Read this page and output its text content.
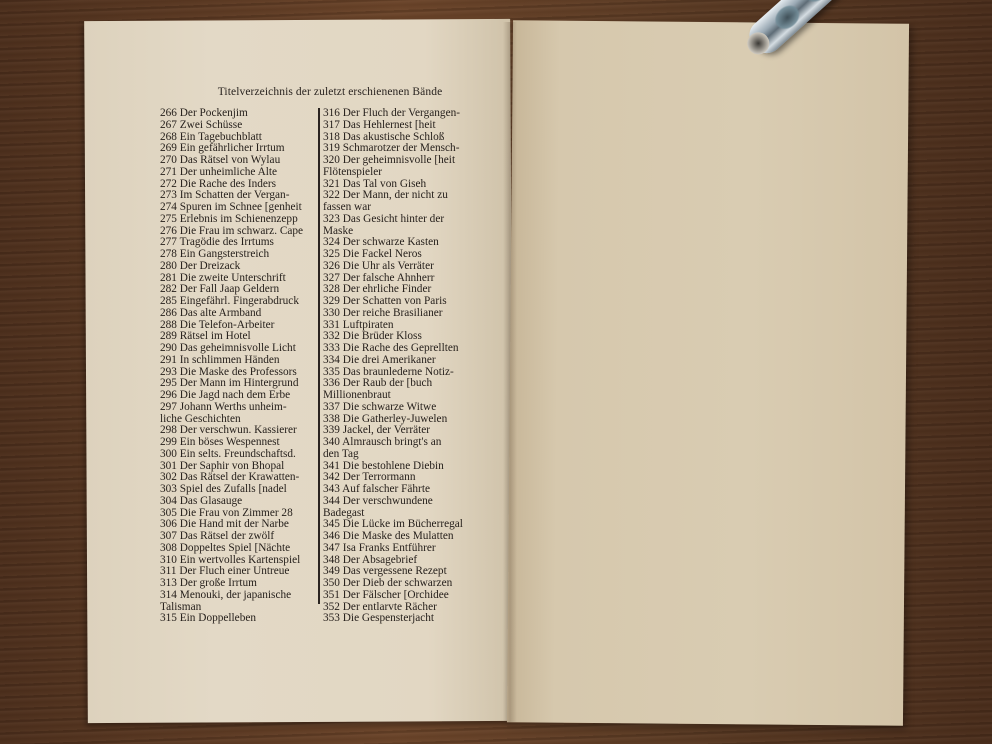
Titelverzeichnis der zuletzt erschienenen Bände
266 Der Pockenjim
267 Zwei Schüsse
268 Ein Tagebuchblatt
269 Ein gefährlicher Irrtum
270 Das Rätsel von Wylau
271 Der unheimliche Alte
272 Die Rache des Inders
273 Im Schatten der Vergan-
274 Spuren im Schnee [genheit
275 Erlebnis im Schienenzepp
276 Die Frau im schwarz. Cape
277 Tragödie des Irrtums
278 Ein Gangsterstreich
280 Der Dreizack
281 Die zweite Unterschrift
282 Der Fall Jaap Geldern
285 Eingefährl. Fingerabdruck
286 Das alte Armband
288 Die Telefon-Arbeiter
289 Rätsel im Hotel
290 Das geheimnisvolle Licht
291 In schlimmen Händen
293 Die Maske des Professors
295 Der Mann im Hintergrund
296 Die Jagd nach dem Erbe
297 Johann Werths unheim-
liche Geschichten
298 Der verschwun. Kassierer
299 Ein böses Wespennest
300 Ein selts. Freundschaftsd.
301 Der Saphir von Bhopal
302 Das Rätsel der Krawatten-
303 Spiel des Zufalls [nadel
304 Das Glasauge
305 Die Frau von Zimmer 28
306 Die Hand mit der Narbe
307 Das Rätsel der zwölf
308 Doppeltes Spiel [Nächte
310 Ein wertvolles Kartenspiel
311 Der Fluch einer Untreue
313 Der große Irrtum
314 Menouki, der japanische
Talisman
315 Ein Doppelleben
316 Der Fluch der Vergangen-
317 Das Hehlernest [heit
318 Das akustische Schloß
319 Schmarotzer der Mensch-
320 Der geheimnisvolle [heit
Flötenspieler
321 Das Tal von Giseh
322 Der Mann, der nicht zu
fassen war
323 Das Gesicht hinter der
Maske
324 Der schwarze Kasten
325 Die Fackel Neros
326 Die Uhr als Verräter
327 Der falsche Ahnherr
328 Der ehrliche Finder
329 Der Schatten von Paris
330 Der reiche Brasilianer
331 Luftpiraten
332 Die Brüder Kloss
333 Die Rache des Geprellten
334 Die drei Amerikaner
335 Das braunlederne Notiz-
336 Der Raub der [buch
Millionenbraut
337 Die schwarze Witwe
338 Die Gatherley-Juwelen
339 Jackel, der Verräter
340 Almrausch bringt's an
den Tag
341 Die bestohlene Diebin
342 Der Terrormann
343 Auf falscher Fährte
344 Der verschwundene
Badegast
345 Die Lücke im Bücherregal
346 Die Maske des Mulatten
347 Isa Franks Entführer
348 Der Absagebrief
349 Das vergessene Rezept
350 Der Dieb der schwarzen
351 Der Fälscher [Orchidee
352 Der entlarvte Rächer
353 Die Gespensterjacht
